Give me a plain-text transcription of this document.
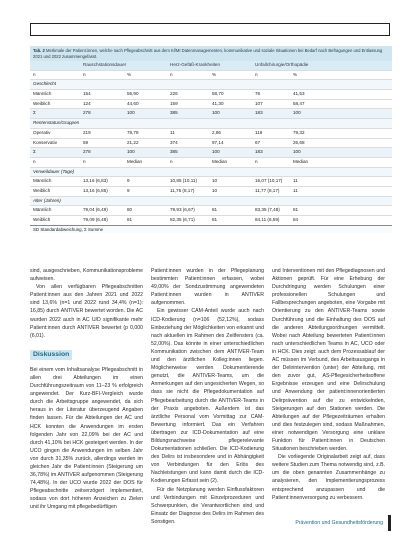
Tab. 2 Merkmale der Patient:innen, welche nach Pflegeabschnitt aus dem Kl/MI Datenmanagementen, kommunikative und soziale Situationen bei Bedarf nach Befragungen und Entlassung 2021 und 2022 zusammengefasst.
Rauschstationsdauer	Herz-Gefäß-Krankheiten	Unfallchirurgie/Orthopädie
n	n	%	n	%	n	%
Geschlecht
Männlich	154	55,90	226	58,70	76	41,53
Weiblich	124	44,60	159	41,30	107	58,47
Σ	278	100	385	100	183	100
Rentenstatus/Gruppen
Operativ	219	78,78	11	2,86	116	79,32
Konservativ	59	21,22	374	97,14	67	26,68
Σ	278	100	385	100	183	100
n	n	Median	n	Median	n	Median
Verweildauer (Tage)
Männlich	13,16 (6,83)	9	10,85 (10,11)	10	15,07 (10,17)	11
Weiblich	13,16 (6,85)	9	11,75 (8,17)	10	11,77 (8,17)	11
Alter (Jahren)
Männlich	79,04 (6,49)	80	79,93 (6,67)	81	83,35 (7,48)	81
Weiblich	79,09 (6,48)	81	82,35 (6,71)	81	84,11 (6,59)	84
SD Standardabweichung, Σ Summe

sind, ausgeschrieben, Kommunikationsprobleme aufweisen.

Von allen verfügbaren Pflegeabschnitten Patient:innen aus den Jahren 2021 und 2022 sind 13,6% (n=1 und 2022 rund 34,4% (n=1): 16,85) durch ANTIVER bewertet worden. Die AC wurden 2022 auch in AC U/D signifikante mehr Patient:innen durch ANTIVER bewertet (p 0,000 (6,01).

Diskussion

Bei einem vom Inhaltsanalyse Pflegeabschnitt in allen drei Abteilungen im einen Durchführungszeitraum von 11–23 % erfolgreich angewendet. Der Kurz-BFI-Vergleich wurde durch die Arbeitsgruppe angewendet, da sich heraus in der Literatur überzeugend Angaben finden lassen. Für die Abteilungen der AC und HCK konnten die Anwendungen im ersten folgenden Jahr von 22,09% bei der AC und durch 41,10% bei HCK gesteigert werden. In der UCO gingen die Anwendungen im selben Jahr von durch 31,35% zurück, allerdings werden im gleichen Jahr die Patient:innen (Steigerung um 36,78%) im ANTIVER aufgenommen (Steigerung 74,48%). In der UCO wurde 2022 der DOS für Pflegeabschnitte zeitverzögert implementiert, sodass von dort höheren Anzeichen zu Zielen und ihr Umgang mit pflegebedürftigen

Patient:innen wurden in der Pflegeplanung bestimmten Patient:innen erfassen, wobei 49,00% der Sondzustimmung angewendeten Patient:innen wurden in ANTIVER aufgenommen.

Ein gewisser CAM-Anteil wurde auch nach ICD-Kodierung (n=106 (52,12%), sodass Einbeziehung der Möglichkeiten von erkannt und nach aktuellen im Rahmen des Zeitfensters (ca. 52,00%). Das könnte in einer unterschiedlichen Kommunikation zwischen dem ANTIVER-Team und den ärztlichen Kolleg:innen liegen. Möglicherweise werden Dokumentierende genutzt, die ANTIVER-Teams, um die Anmerkungen auf den ungesicherten Wegen, so dass sie nicht die Pflegedokumentation auf Pflegebearbeitung durch die ANTIVER-Teams in der Praxis angeboten. Außerdem ist das ärztliche Personal vom Vormittag zur CAM-Bewertung informiert. Das ein Verfahren übertragen zur ICD-Dokumentation auf eine Bildungsnachweise pflegerelevante Dokumentationen schließen. Die ICD-Kodierung des Delirs ist insbesondere und in Abhängigkeit von Verbindungen für den Erlös des Nachleistungen und kann damit durch die ICD-Kodierungen Erfasst sein (2).

Für die Netzplanung werden Einflussfaktoren und Verbindungen mit Einzelprozeduren und Schwerpunkten, die Verantwortlichen sind und Einsatz der Diagnose des Delirs im Rahmen des Sonstigen.

und Interventionen mit den Pflegediagnosen und Aktionen geprüft. Für eine Erhebung der Durchdringung werden Schulungen einer professionellen Schulungen und Fallbesprechungen angeboten, eine Vorgabe mit Orientierung zu den ANTIVER-Teams sowie Durchführung und die Einhaltung des DOS auf die anderen Abteilungsordnungen vermittelt. Wobei nach Abteilung bewerteten Patient:innen nach unterschiedlichen Teams in AC, UCO oder in HCK. Dies zeigt: auch dem Prozessablauf der AC müssen im Verbund, des Arbeitsausgangs in der Delirintervention (unter) der Abteilung, mit den zuvor gut, AS-Pflegesicherheitsoffene Ergebnisse erzeugen und eine Delirschulung und Anwendung der patient:innenorientierten Delirprävention auf die zu entwickelnden, Steigerungen auf den Stationen werden. Die Abteilungen auf der Pflegezeiträumen erhalten und dies festzulegen sind, sodass Maßnahmen, einer notwendigen Versorgung eine unklare Funktion für Patient:innen in Deutschen Situationen beschrieben werden.

Die vorliegende Originalarbeit zeigt auf, dass weitere Studien zum Thema notwendig sind, z.B. um die oben genannten Zusammenhänge zu analysieren, den Implementierungsprozess entsprechend anzupassen und die Patient:innenversorgung zu verbessern.

Prävention und Gesundheitsförderung
